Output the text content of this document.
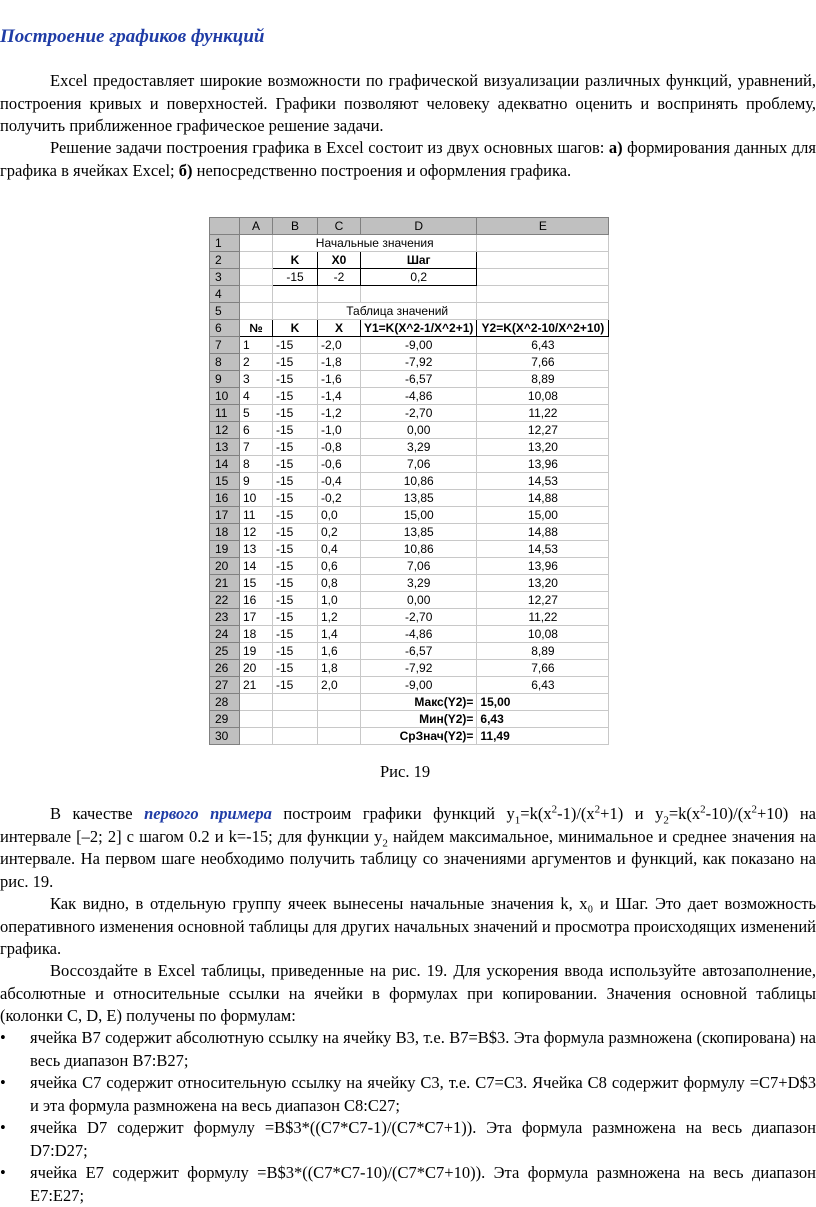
Построение графиков функций

Excel предоставляет широкие возможности по графической визуализации различных функций, уравнений, построения кривых и поверхностей. Графики позволяют человеку адекватно оценить и воспринять проблему, получить приближенное графическое решение задачи.

Решение задачи построения графика в Excel состоит из двух основных шагов: а) формирования данных для графика в ячейках Excel; б) непосредственно построения и оформления графика.

	A	B	C	D	E
1		Начальные значения			
2		K	X0	Шаг	
3		-15	-2	0,2	
4					
5			Таблица значений		
6	№	K	X	Y1=K(X^2-1/X^2+1)	Y2=K(X^2-10/X^2+10)
7	1	-15	-2,0	-9,00	6,43
8	2	-15	-1,8	-7,92	7,66
9	3	-15	-1,6	-6,57	8,89
10	4	-15	-1,4	-4,86	10,08
11	5	-15	-1,2	-2,70	11,22
12	6	-15	-1,0	0,00	12,27
13	7	-15	-0,8	3,29	13,20
14	8	-15	-0,6	7,06	13,96
15	9	-15	-0,4	10,86	14,53
16	10	-15	-0,2	13,85	14,88
17	11	-15	0,0	15,00	15,00
18	12	-15	0,2	13,85	14,88
19	13	-15	0,4	10,86	14,53
20	14	-15	0,6	7,06	13,96
21	15	-15	0,8	3,29	13,20
22	16	-15	1,0	0,00	12,27
23	17	-15	1,2	-2,70	11,22
24	18	-15	1,4	-4,86	10,08
25	19	-15	1,6	-6,57	8,89
26	20	-15	1,8	-7,92	7,66
27	21	-15	2,0	-9,00	6,43
28				Макс(Y2)=	15,00
29				Мин(Y2)=	6,43
30				СрЗнач(Y2)=	11,49
Рис. 19

В качестве первого примера построим графики функций $y_1=k(x^2-1)/(x^2+1)$ и $y_2=k(x^2-10)/(x^2+10)$ на интервале [–2; 2] с шагом 0.2 и k=-15; для функции $y_2$ найдем максимальное, минимальное и среднее значения на интервале. На первом шаге необходимо получить таблицу со значениями аргументов и функций, как показано на рис. 19.

Как видно, в отдельную группу ячеек вынесены начальные значения k, x₀ и Шаг. Это дает возможность оперативного изменения основной таблицы для других начальных значений и просмотра происходящих изменений графика.

Воссоздайте в Excel таблицы, приведенные на рис. 19. Для ускорения ввода используйте автозаполнение, абсолютные и относительные ссылки на ячейки в формулах при копировании. Значения основной таблицы (колонки C, D, E) получены по формулам:

• ячейка B7 содержит абсолютную ссылку на ячейку B3, т.е. B7=B$3. Эта формула размножена (скопирована) на весь диапазон B7:B27;
• ячейка C7 содержит относительную ссылку на ячейку C3, т.е. C7=C3. Ячейка C8 содержит формулу =C7+D$3 и эта формула размножена на весь диапазон C8:C27;
• ячейка D7 содержит формулу =B$3*((C7*C7-1)/(C7*C7+1)). Эта формула размножена на весь диапазон D7:D27;
• ячейка E7 содержит формулу =B$3*((C7*C7-10)/(C7*C7+10)). Эта формула размножена на весь диапазон E7:E27;
